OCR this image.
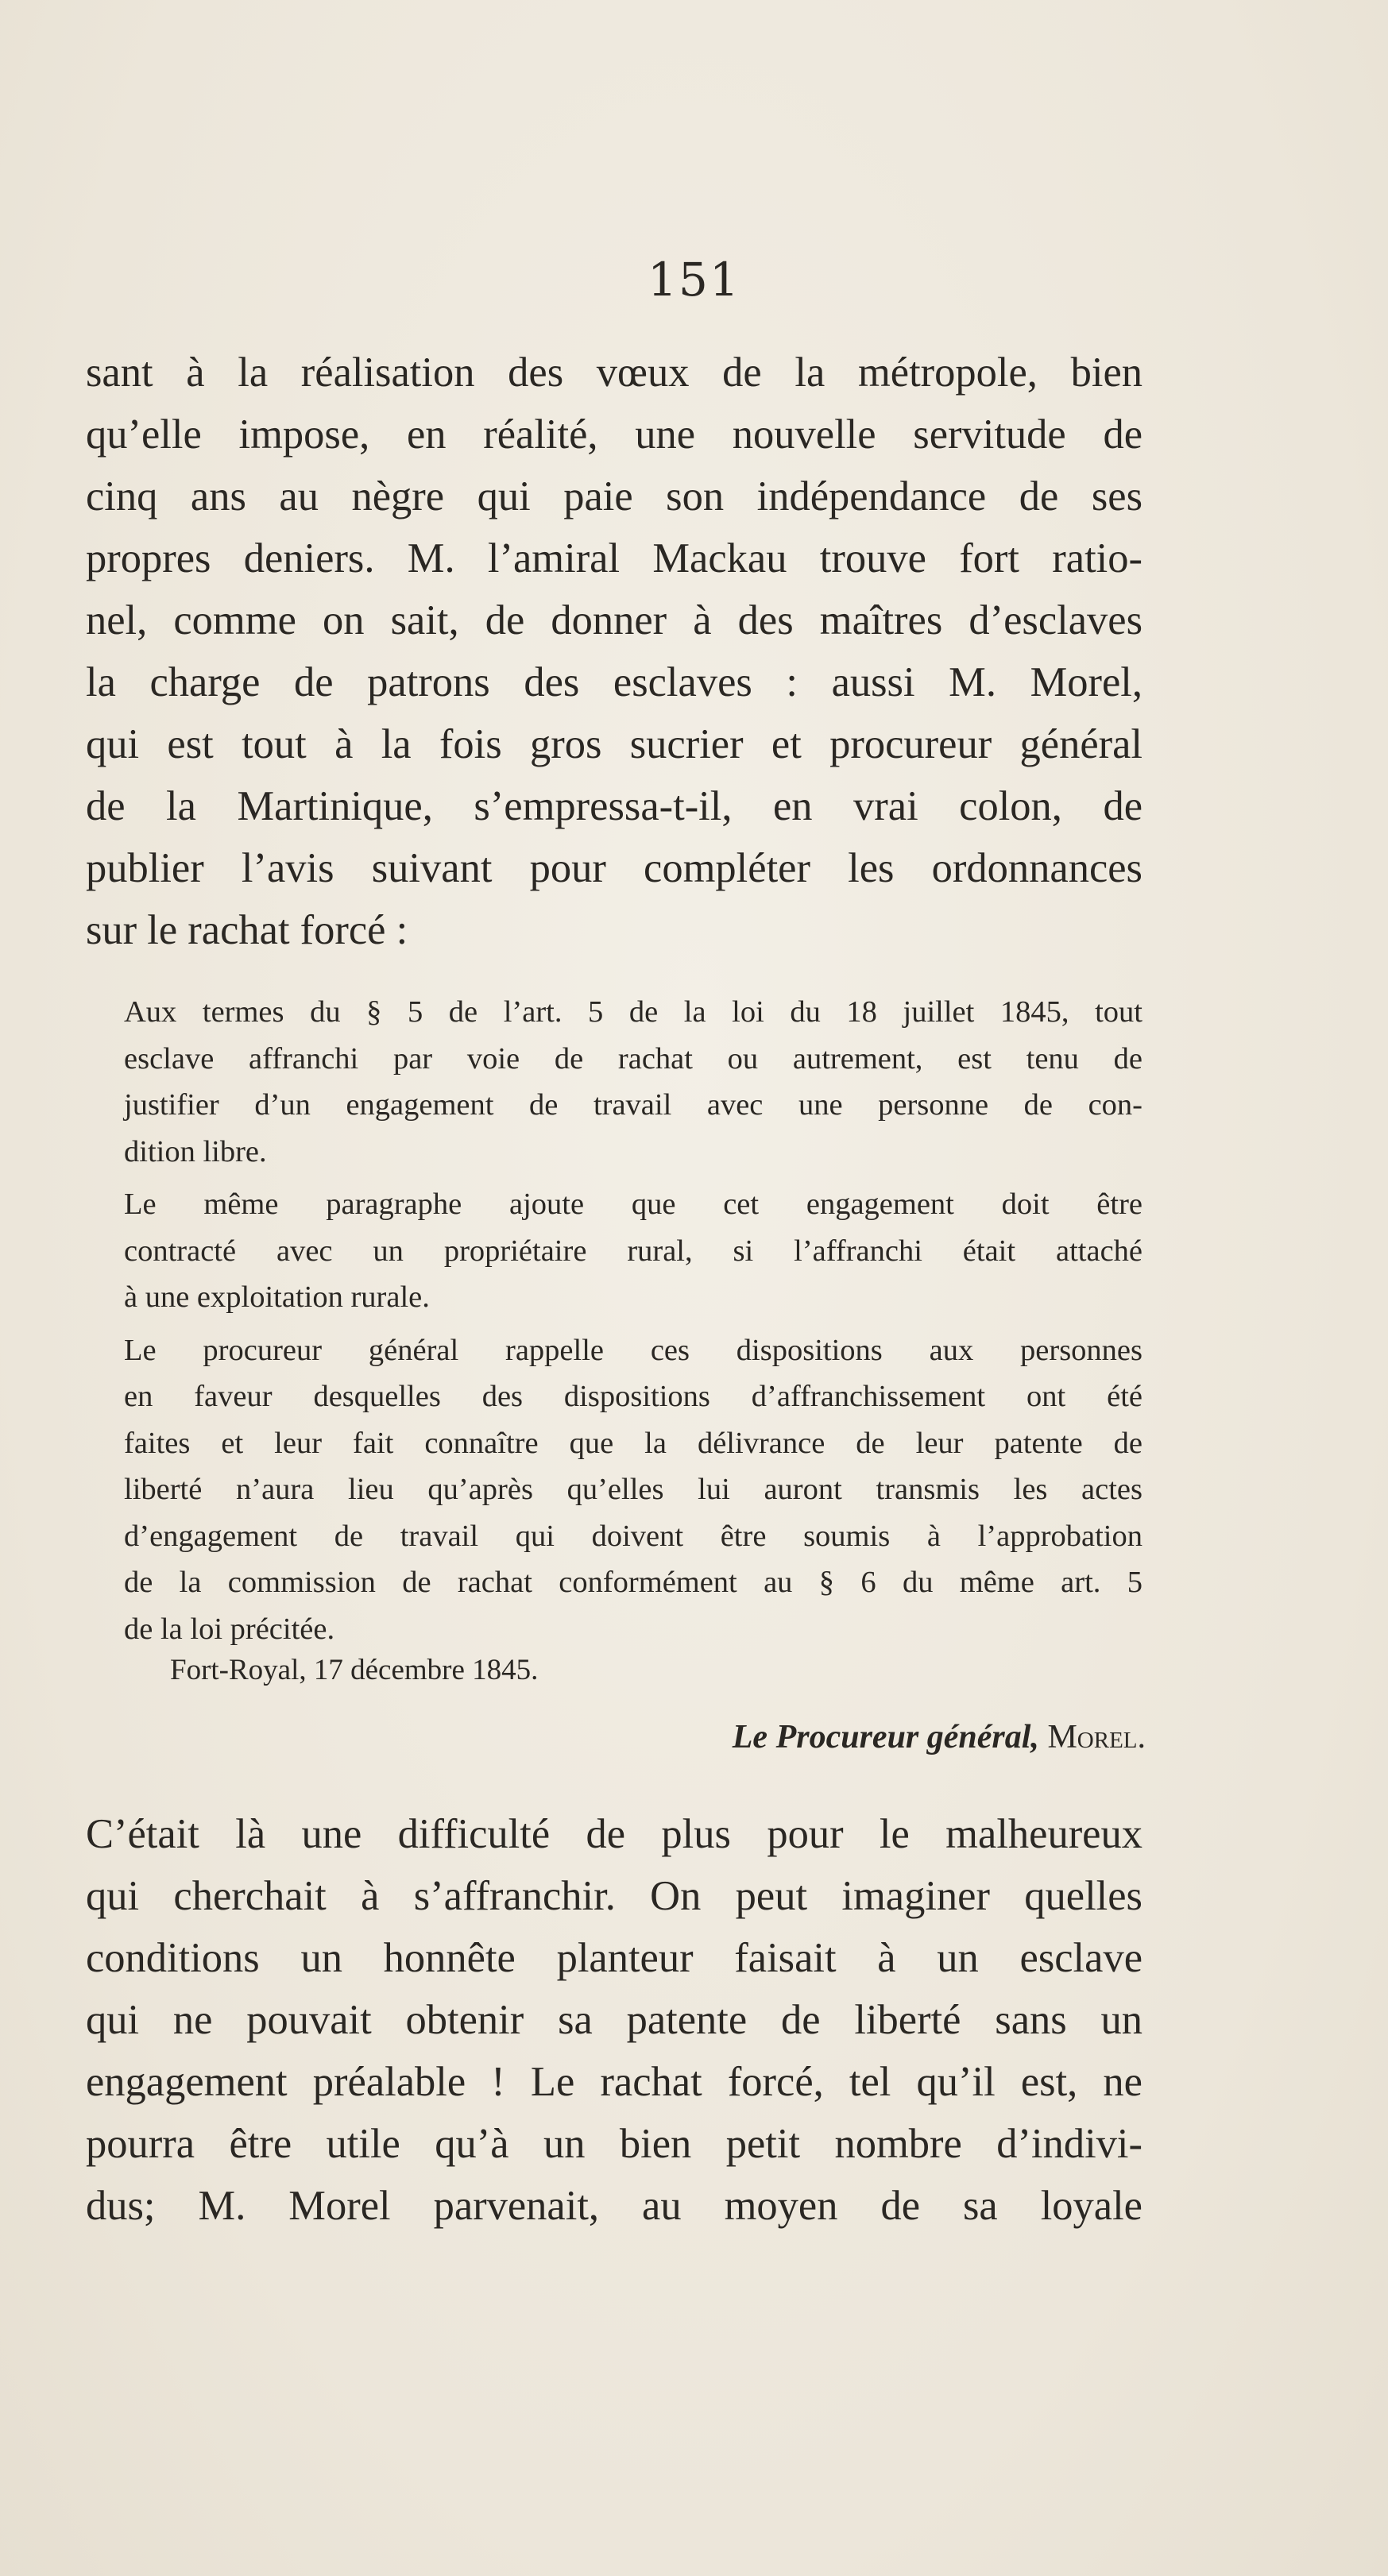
151
sant à la réalisation des vœux de la métropole, bien
qu’elle impose, en réalité, une nouvelle servitude de
cinq ans au nègre qui paie son indépendance de ses
propres deniers. M. l’amiral Mackau trouve fort ratio-
nel, comme on sait, de donner à des maîtres d’esclaves
la charge de patrons des esclaves : aussi M. Morel,
qui est tout à la fois gros sucrier et procureur général
de la Martinique, s’empressa-t-il, en vrai colon, de
publier l’avis suivant pour compléter les ordonnances
sur le rachat forcé :
Aux termes du § 5 de l’art. 5 de la loi du 18 juillet 1845, tout
esclave affranchi par voie de rachat ou autrement, est tenu de
justifier d’un engagement de travail avec une personne de con-
dition libre.
Le même paragraphe ajoute que cet engagement doit être
contracté avec un propriétaire rural, si l’affranchi était attaché
à une exploitation rurale.
Le procureur général rappelle ces dispositions aux personnes
en faveur desquelles des dispositions d’affranchissement ont été
faites et leur fait connaître que la délivrance de leur patente de
liberté n’aura lieu qu’après qu’elles lui auront transmis les actes
d’engagement de travail qui doivent être soumis à l’approbation
de la commission de rachat conformément au § 6 du même art. 5
de la loi précitée.
Fort-Royal, 17 décembre 1845.
Le Procureur général, Morel.
C’était là une difficulté de plus pour le malheureux
qui cherchait à s’affranchir. On peut imaginer quelles
conditions un honnête planteur faisait à un esclave
qui ne pouvait obtenir sa patente de liberté sans un
engagement préalable ! Le rachat forcé, tel qu’il est, ne
pourra être utile qu’à un bien petit nombre d’indivi-
dus; M. Morel parvenait, au moyen de sa loyale
